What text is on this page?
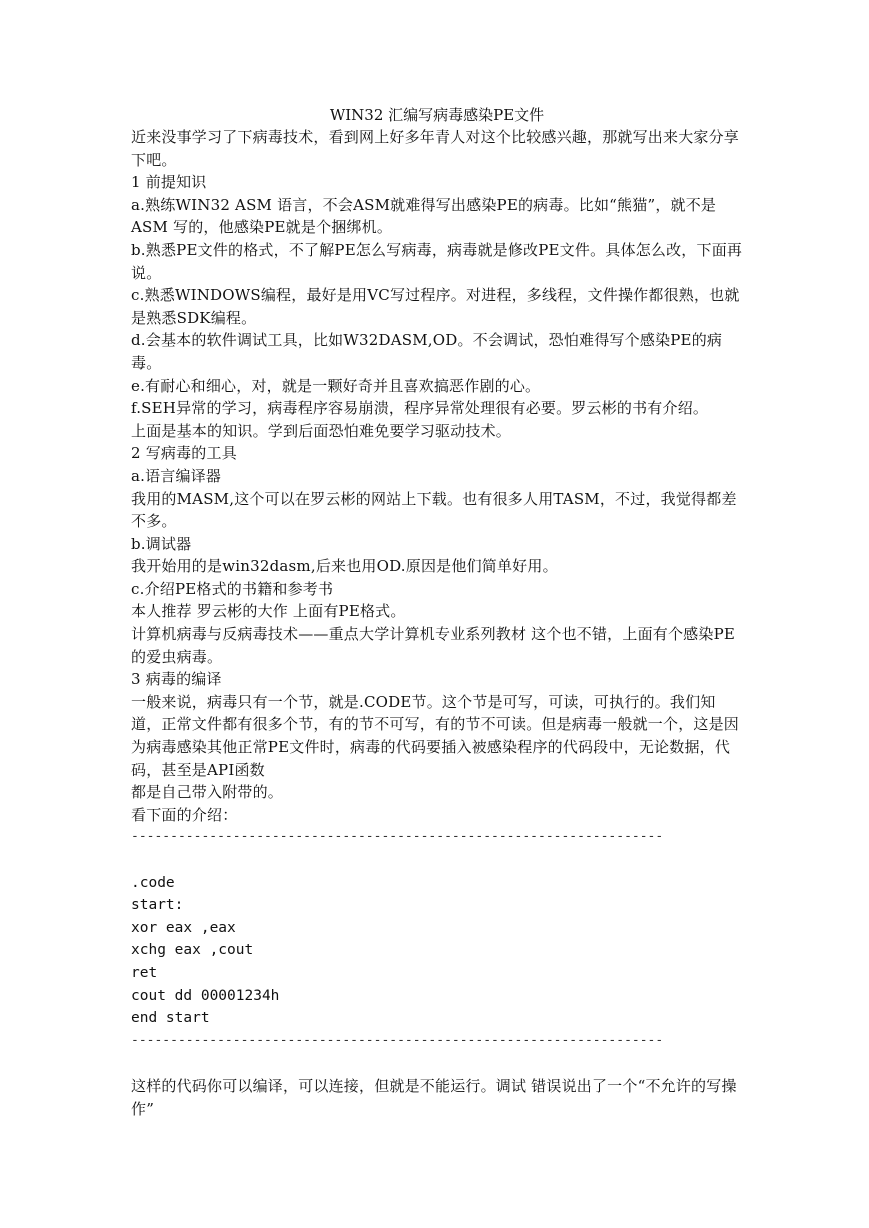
WIN32 汇编写病毒感染PE文件

近来没事学习了下病毒技术，看到网上好多年青人对这个比较感兴趣，那就写出来大家分享下吧。

1 前提知识

a.熟练WIN32 ASM 语言，不会ASM就难得写出感染PE的病毒。比如“熊猫”，就不是ASM 写的，他感染PE就是个捆绑机。

b.熟悉PE文件的格式，不了解PE怎么写病毒，病毒就是修改PE文件。具体怎么改，下面再说。

c.熟悉WINDOWS编程，最好是用VC写过程序。对进程，多线程，文件操作都很熟，也就是熟悉SDK编程。

d.会基本的软件调试工具，比如W32DASM,OD。不会调试，恐怕难得写个感染PE的病毒。

e.有耐心和细心，对，就是一颗好奇并且喜欢搞恶作剧的心。

f.SEH异常的学习，病毒程序容易崩溃，程序异常处理很有必要。罗云彬的书有介绍。

上面是基本的知识。学到后面恐怕难免要学习驱动技术。

2 写病毒的工具

a.语言编译器

我用的MASM,这个可以在罗云彬的网站上下载。也有很多人用TASM，不过，我觉得都差不多。

b.调试器

我开始用的是win32dasm,后来也用OD.原因是他们简单好用。

c.介绍PE格式的书籍和参考书

本人推荐 罗云彬的大作 上面有PE格式。

计算机病毒与反病毒技术——重点大学计算机专业系列教材 这个也不错，上面有个感染PE的爱虫病毒。

3 病毒的编译

一般来说，病毒只有一个节，就是.CODE节。这个节是可写，可读，可执行的。我们知道，正常文件都有很多个节，有的节不可写，有的节不可读。但是病毒一般就一个，这是因为病毒感染其他正常PE文件时，病毒的代码要插入被感染程序的代码段中，无论数据，代码，甚至是API函数

都是自己带入附带的。

看下面的介绍：

--------------------------------------------------------------------
.code
start:
xor eax ,eax
xchg eax ,cout
ret
cout dd 00001234h
end start
--------------------------------------------------------------------

这样的代码你可以编译，可以连接，但就是不能运行。调试 错误说出了一个“不允许的写操作”
